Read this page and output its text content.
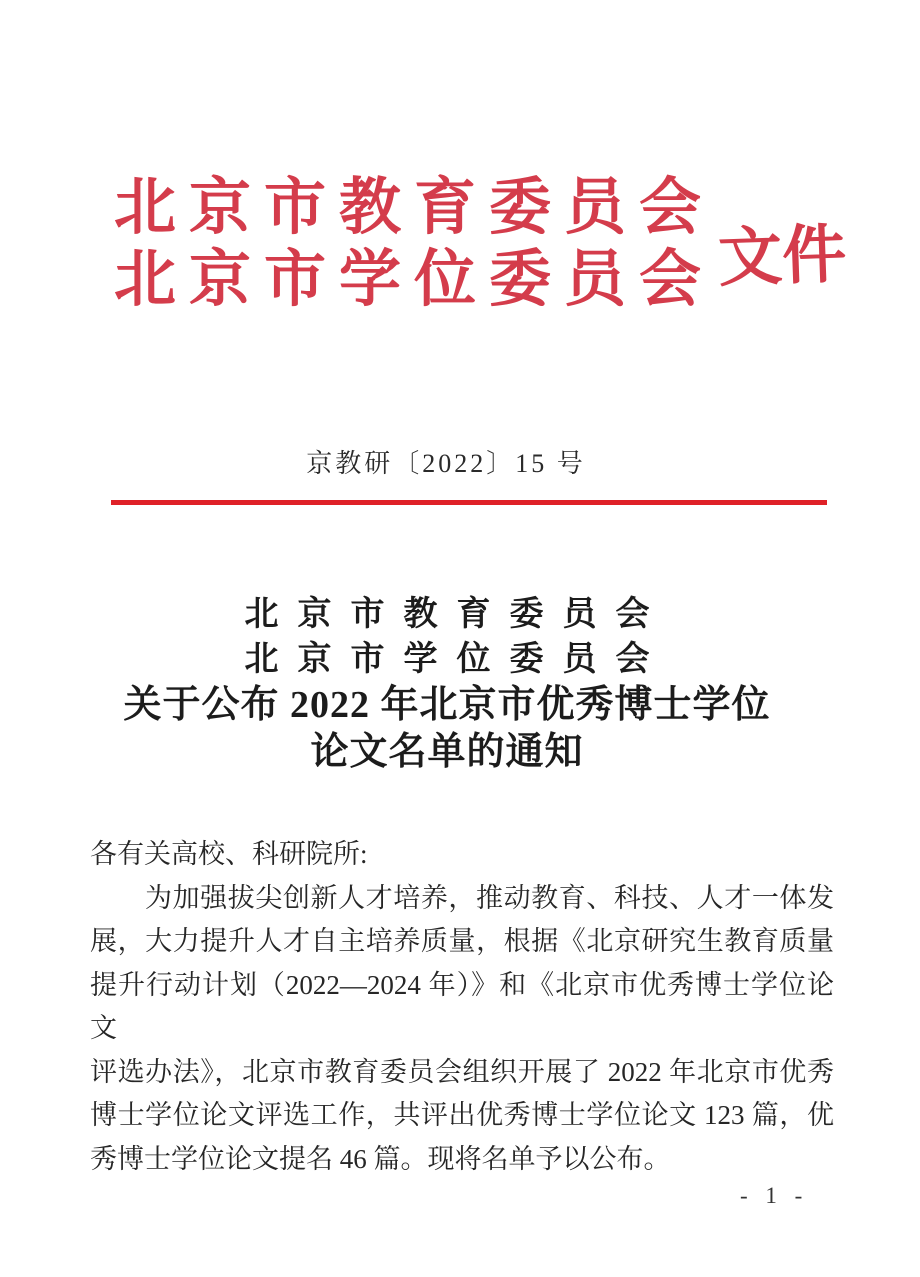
北京市教育委员会
北京市学位委员会 文件
京教研〔2022〕15 号
北京市教育委员会
北京市学位委员会
关于公布 2022 年北京市优秀博士学位
论文名单的通知
各有关高校、科研院所:
为加强拔尖创新人才培养，推动教育、科技、人才一体发
展，大力提升人才自主培养质量，根据《北京研究生教育质量
提升行动计划（2022—2024 年）》和《北京市优秀博士学位论文
评选办法》，北京市教育委员会组织开展了 2022 年北京市优秀
博士学位论文评选工作，共评出优秀博士学位论文 123 篇，优
秀博士学位论文提名 46 篇。现将名单予以公布。
- 1 -
